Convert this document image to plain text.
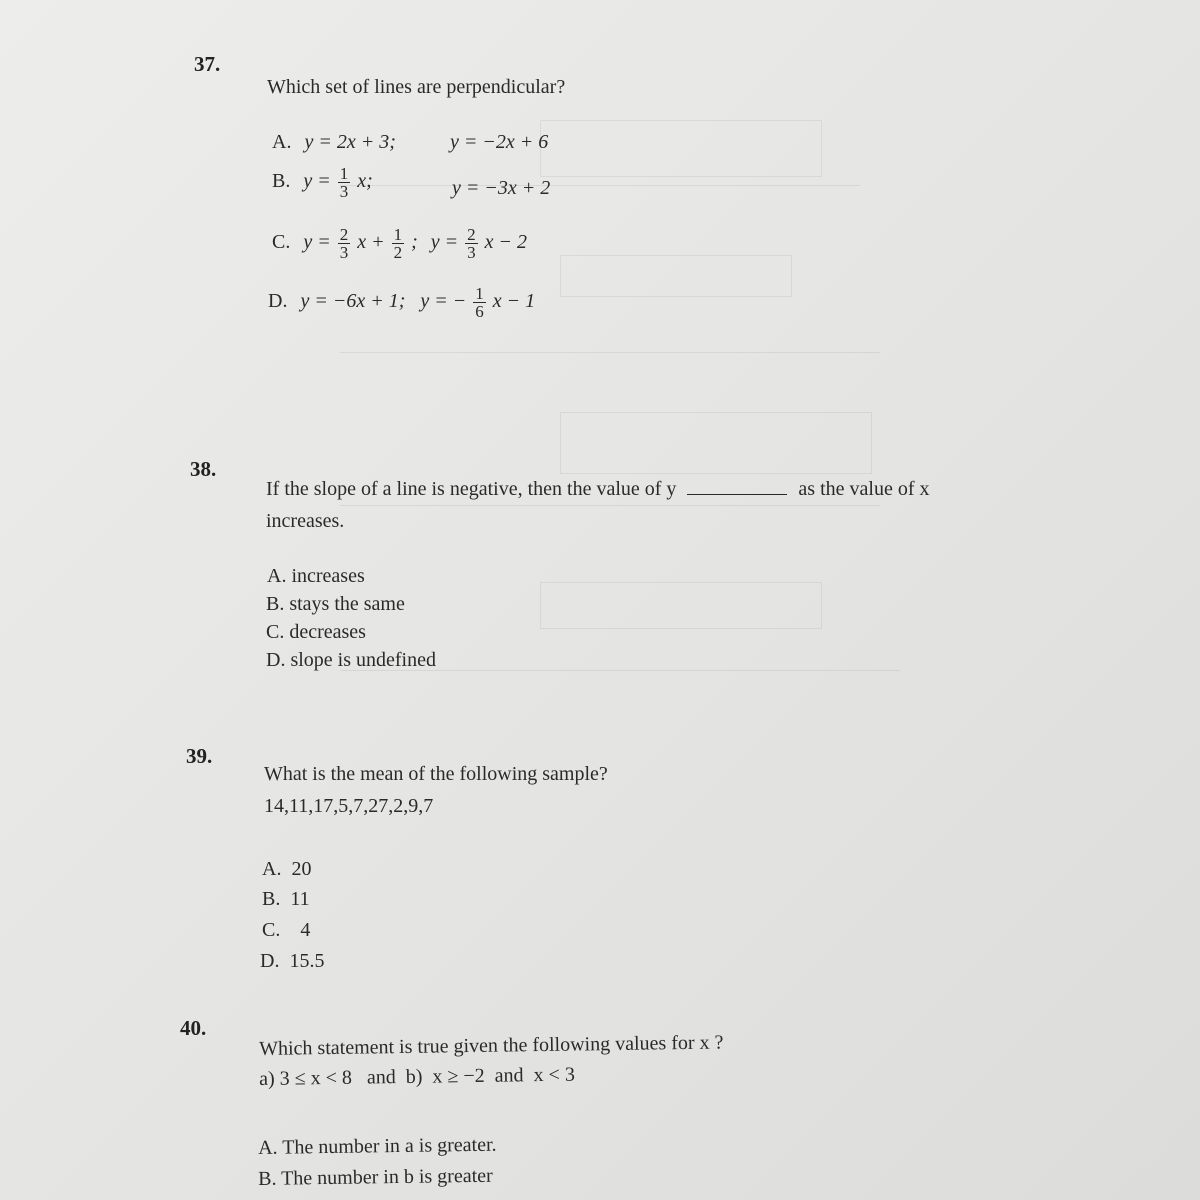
37.
Which set of lines are perpendicular?
A. y = 2x + 3;	y = −2x + 6
B. $y = \frac{1}{3} x$;	y = −3x + 2
C. $y = \frac{2}{3}$ $x + \frac{1}{2}$ ; $y = \frac{2}{3}$ x − 2
D. y = −6x + 1; y = − $\frac{1}{6}$ x − 1
38.
If the slope of a line is negative, then the value of y	as the value of x
increases.
A. increases
B. stays the same
C. decreases
D. slope is undefined
39.
What is the mean of the following sample?
14,11,17,5,7,27,2,9,7
A.  20
B.  11
C.    4
D.  15.5
40.
Which statement is true given the following values for x ?
a) 3 ≤ x < 8   and  b)  x ≥ −2  and  x < 3
A. The number in a is greater.
B. The number in b is greater
